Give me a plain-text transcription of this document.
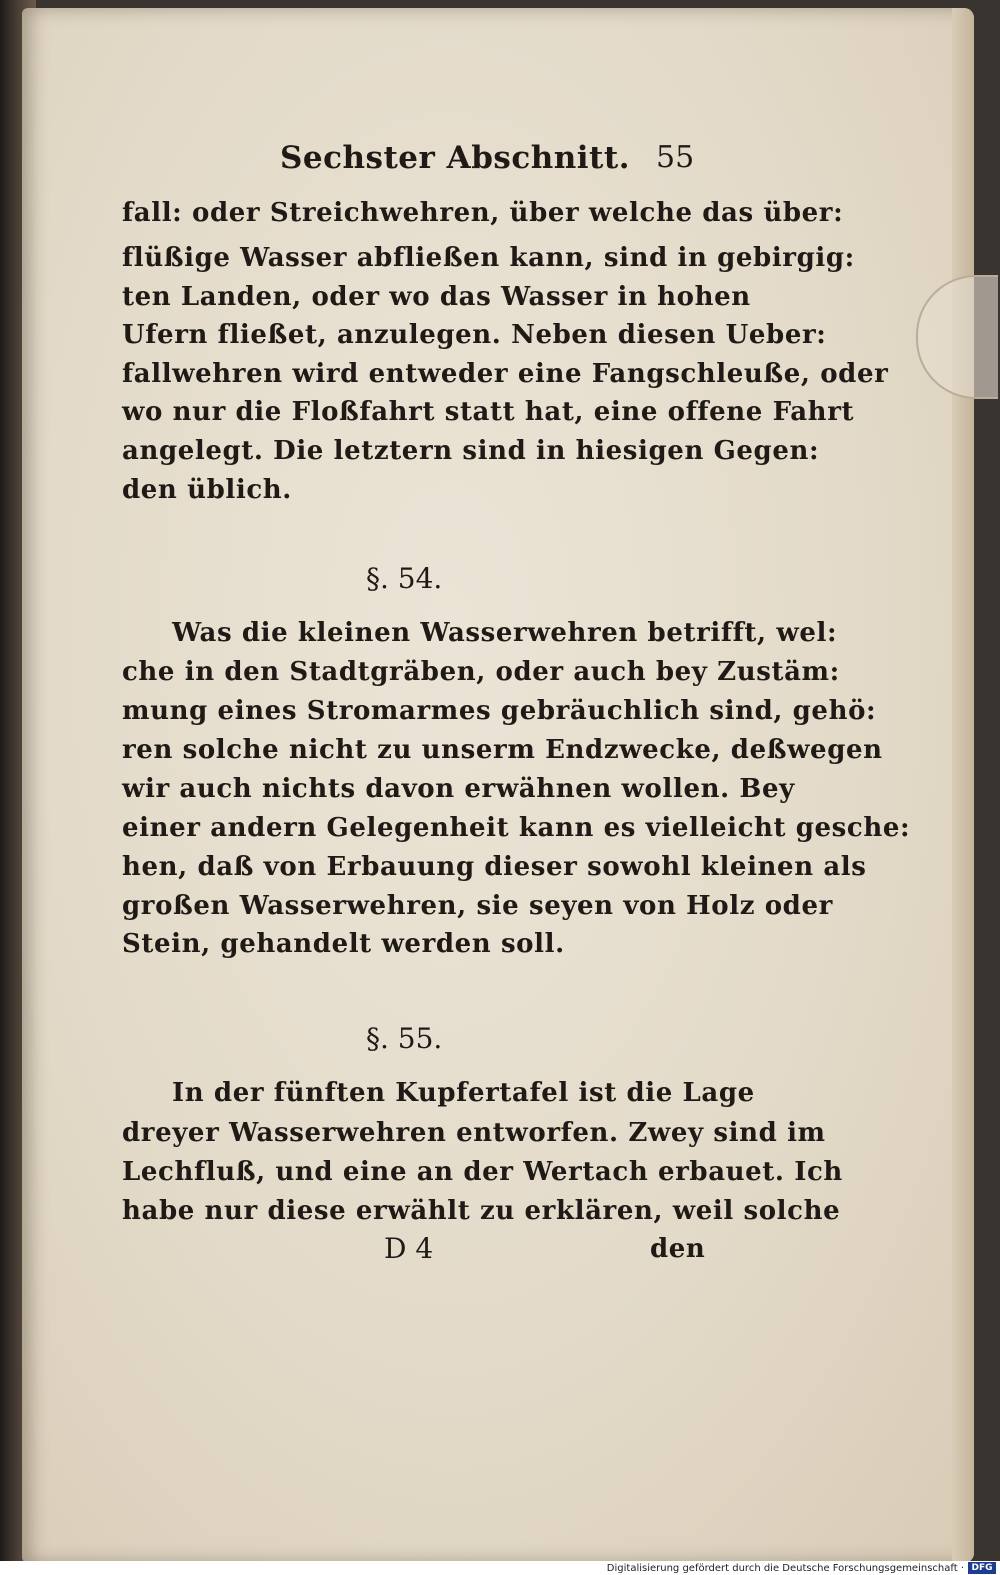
Sechster Abschnitt. 55
fall: oder Streichwehren, über welche das über:
flüßige Wasser abfließen kann, sind in gebirgig:
ten Landen, oder wo das Wasser in hohen
Ufern fließet, anzulegen. Neben diesen Ueber:
fallwehren wird entweder eine Fangschleuße, oder
wo nur die Floßfahrt statt hat, eine offene Fahrt
angelegt. Die letztern sind in hiesigen Gegen:
den üblich.
§. 54.
Was die kleinen Wasserwehren betrifft, wel:
che in den Stadtgräben, oder auch bey Zustäm:
mung eines Stromarmes gebräuchlich sind, gehö:
ren solche nicht zu unserm Endzwecke, deßwegen
wir auch nichts davon erwähnen wollen. Bey
einer andern Gelegenheit kann es vielleicht gesche:
hen, daß von Erbauung dieser sowohl kleinen als
großen Wasserwehren, sie seyen von Holz oder
Stein, gehandelt werden soll.
§. 55.
In der fünften Kupfertafel ist die Lage
dreyer Wasserwehren entworfen. Zwey sind im
Lechfluß, und eine an der Wertach erbauet. Ich
habe nur diese erwählt zu erklären, weil solche
D 4	den
Digitalisierung gefördert durch die Deutsche Forschungsgemeinschaft · DFG
